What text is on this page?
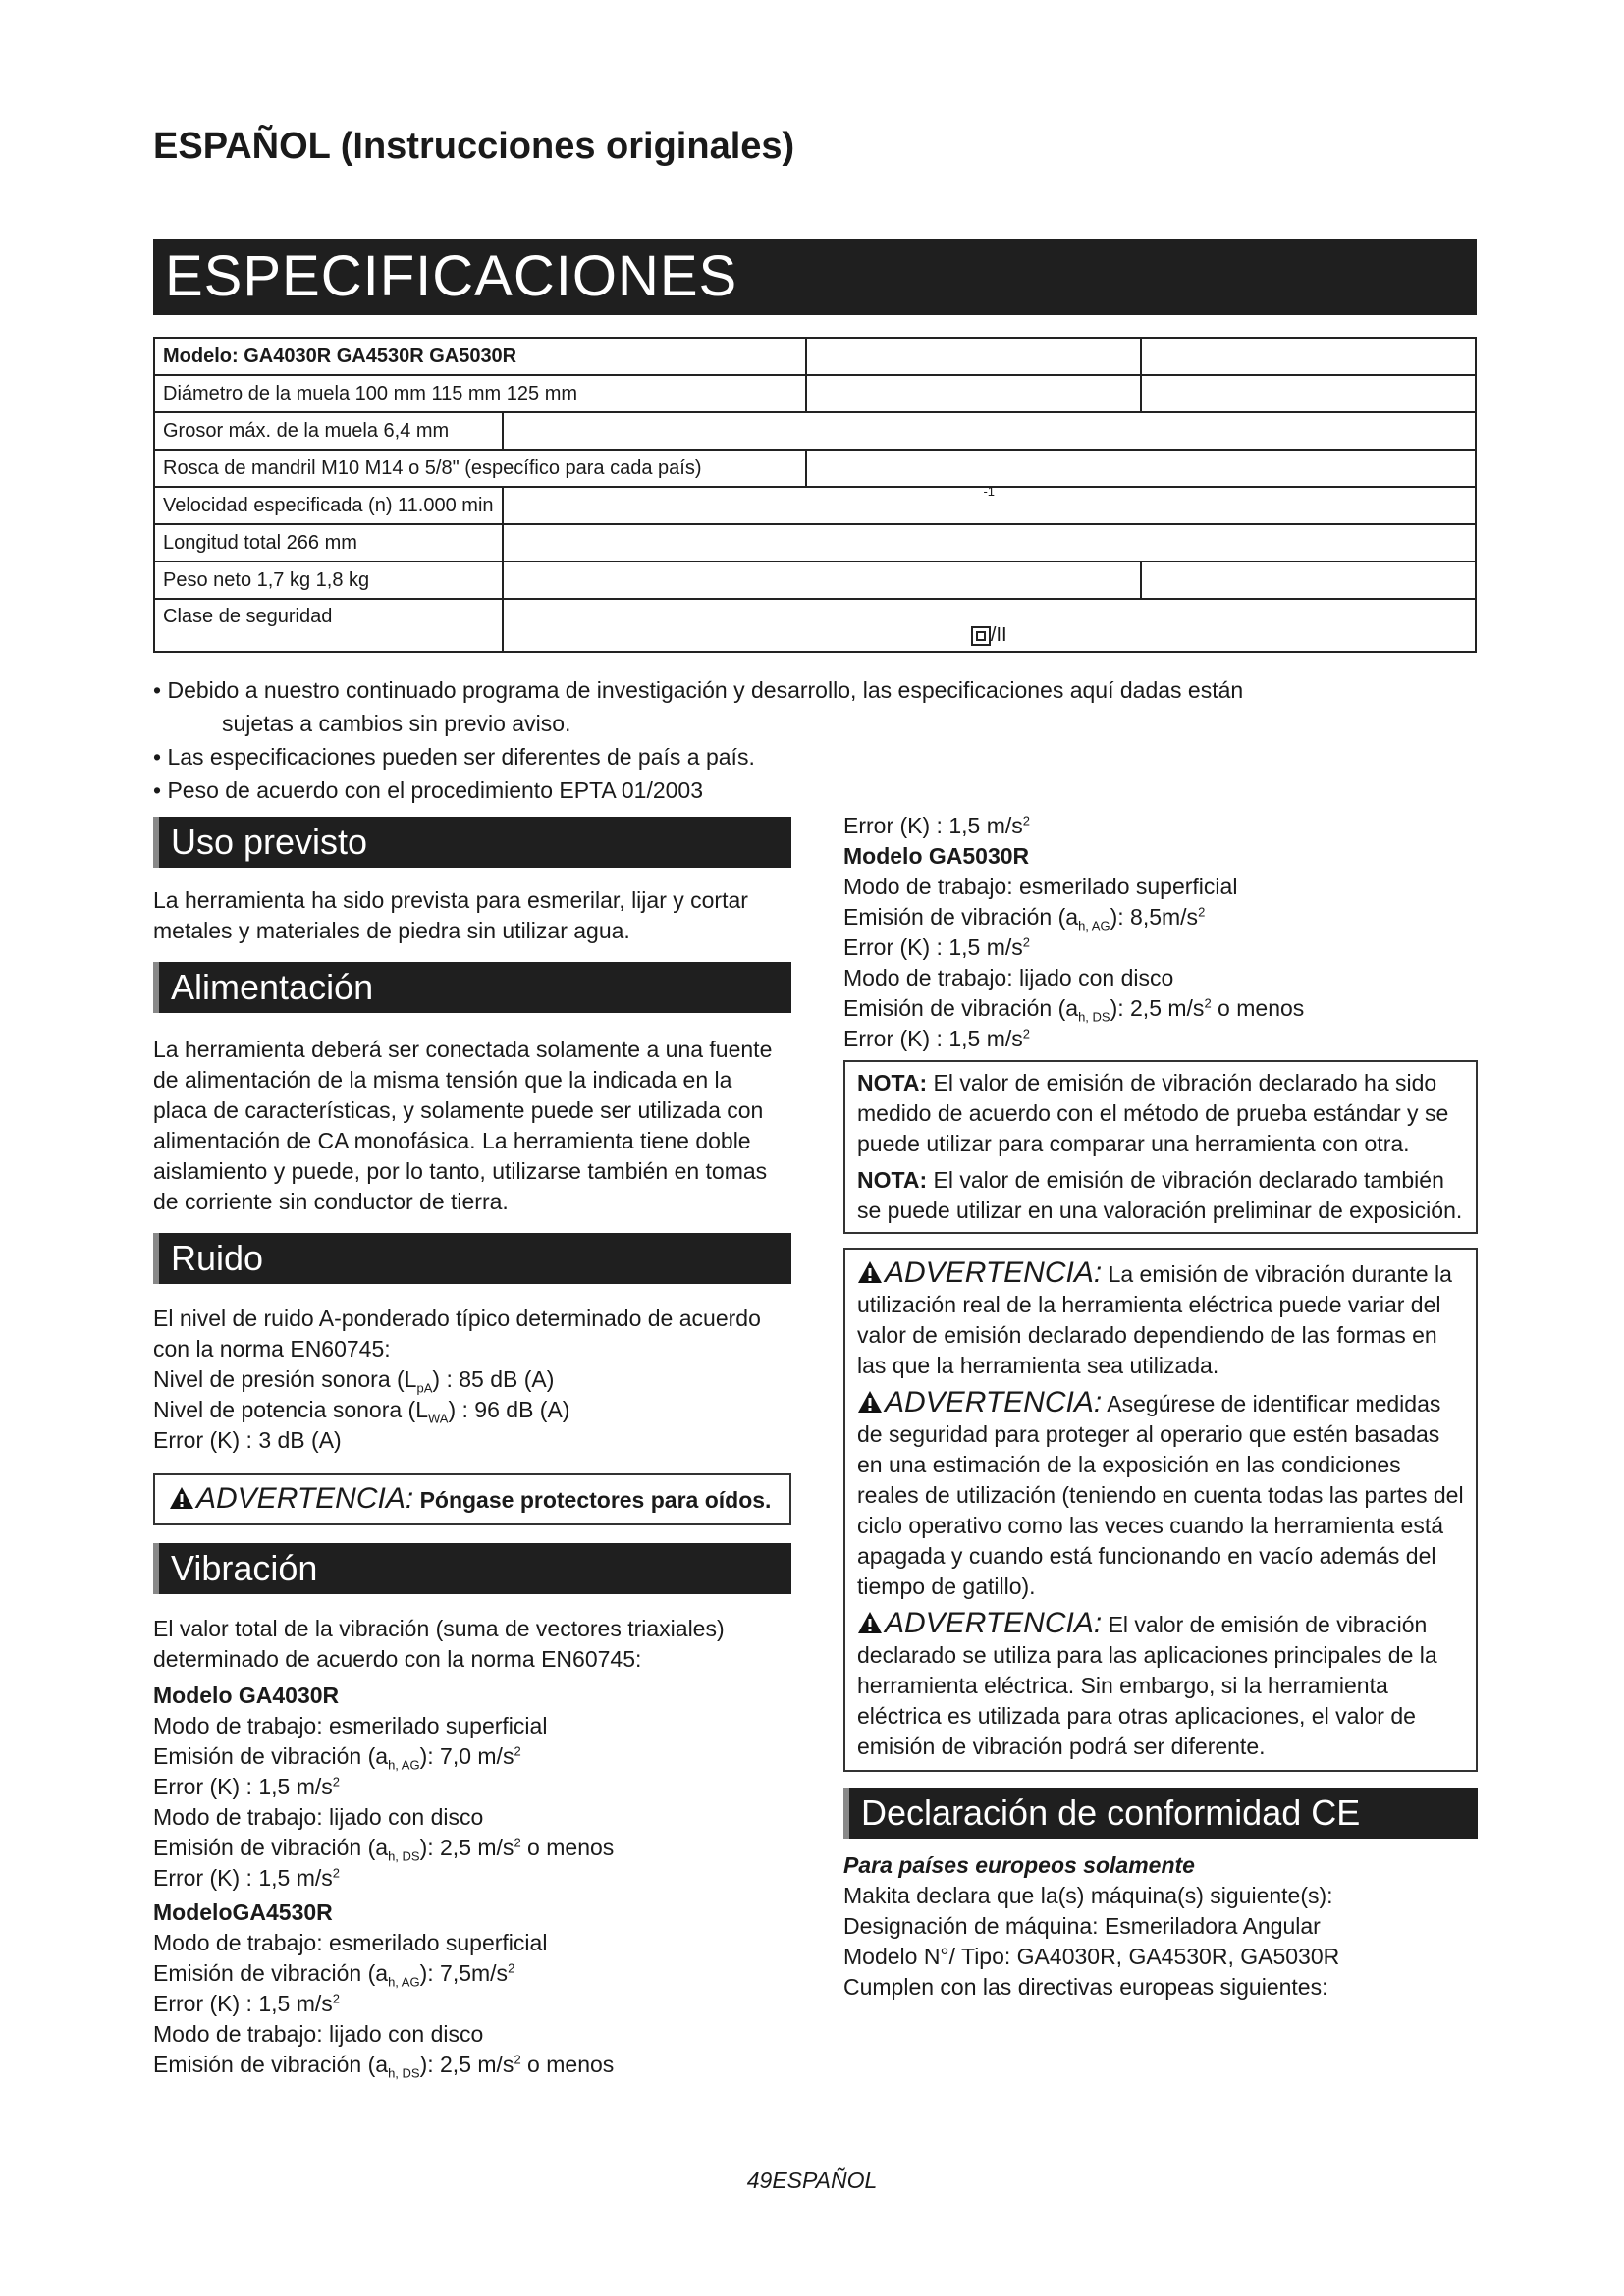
ESPAÑOL (Instrucciones originales)
ESPECIFICACIONES
Modelo: GA4030R GA4530R GA5030R			
Diámetro de la muela 100 mm 115 mm 125 mm			
Grosor máx. de la muela 6,4 mm			
Rosca de mandril M10 M14 o 5/8" (específico para cada país)			
Velocidad especificada (n) 11.000 min	$^{-1}$
Longitud total 266 mm			
Peso neto 1,7 kg 1,8 kg			
Clase de seguridad	/II		
• Debido a nuestro continuado programa de investigación y desarrollo, las especificaciones aquí dadas están
sujetas a cambios sin previo aviso.
• Las especificaciones pueden ser diferentes de país a país.
• Peso de acuerdo con el procedimiento EPTA 01/2003
Uso previsto
La herramienta ha sido prevista para esmerilar, lijar y cortar metales y materiales de piedra sin utilizar agua.
Alimentación
La herramienta deberá ser conectada solamente a una fuente de alimentación de la misma tensión que la indicada en la placa de características, y solamente puede ser utilizada con alimentación de CA monofásica. La herramienta tiene doble aislamiento y puede, por lo tanto, utilizarse también en tomas de corriente sin conductor de tierra.
Ruido
El nivel de ruido A-ponderado típico determinado de acuerdo con la norma EN60745:
Nivel de presión sonora $(L_{pA})$ : 85 dB (A)
Nivel de potencia sonora $(L_{WA})$ : 96 dB (A)
Error (K) : 3 dB (A)
ADVERTENCIA: Póngase protectores para oídos.
Vibración
El valor total de la vibración (suma de vectores triaxiales) determinado de acuerdo con la norma EN60745:
Modelo GA4030R
Modo de trabajo: esmerilado superficial
Emisión de vibración $(a_{h, AG})$: 7,0 $m/s^2$
Error (K) : 1,5 $m/s^2$
Modo de trabajo: lijado con disco
Emisión de vibración $(a_{h, DS})$: 2,5 $m/s^2$ o menos
Error (K) : 1,5 $m/s^2$
ModeloGA4530R
Modo de trabajo: esmerilado superficial
Emisión de vibración $(a_{h, AG})$: $7,5m/s^2$
Error (K) : 1,5 $m/s^2$
Modo de trabajo: lijado con disco
Emisión de vibración $(a_{h, DS})$: 2,5 $m/s^2$ o menos
Error (K) : 1,5 $m/s^2$
Modelo GA5030R
Modo de trabajo: esmerilado superficial
Emisión de vibración $(a_{h, AG})$: $8,5m/s^2$
Error (K) : 1,5 $m/s^2$
Modo de trabajo: lijado con disco
Emisión de vibración $(a_{h, DS})$: 2,5 $m/s^2$ o menos
Error (K) : 1,5 $m/s^2$
NOTA: El valor de emisión de vibración declarado ha sido medido de acuerdo con el método de prueba estándar y se puede utilizar para comparar una herramienta con otra.
NOTA: El valor de emisión de vibración declarado también se puede utilizar en una valoración preliminar de exposición.
ADVERTENCIA: La emisión de vibración durante la utilización real de la herramienta eléctrica puede variar del valor de emisión declarado dependiendo de las formas en las que la herramienta sea utilizada.
ADVERTENCIA: Asegúrese de identificar medidas de seguridad para proteger al operario que estén basadas en una estimación de la exposición en las condiciones reales de utilización (teniendo en cuenta todas las partes del ciclo operativo como las veces cuando la herramienta está apagada y cuando está funcionando en vacío además del tiempo de gatillo).
ADVERTENCIA: El valor de emisión de vibración declarado se utiliza para las aplicaciones principales de la herramienta eléctrica. Sin embargo, si la herramienta eléctrica es utilizada para otras aplicaciones, el valor de emisión de vibración podrá ser diferente.
Declaración de conformidad CE
Para países europeos solamente
Makita declara que la(s) máquina(s) siguiente(s):
Designación de máquina: Esmeriladora Angular
Modelo N°/ Tipo: GA4030R, GA4530R, GA5030R
Cumplen con las directivas europeas siguientes:
49ESPAÑOL
